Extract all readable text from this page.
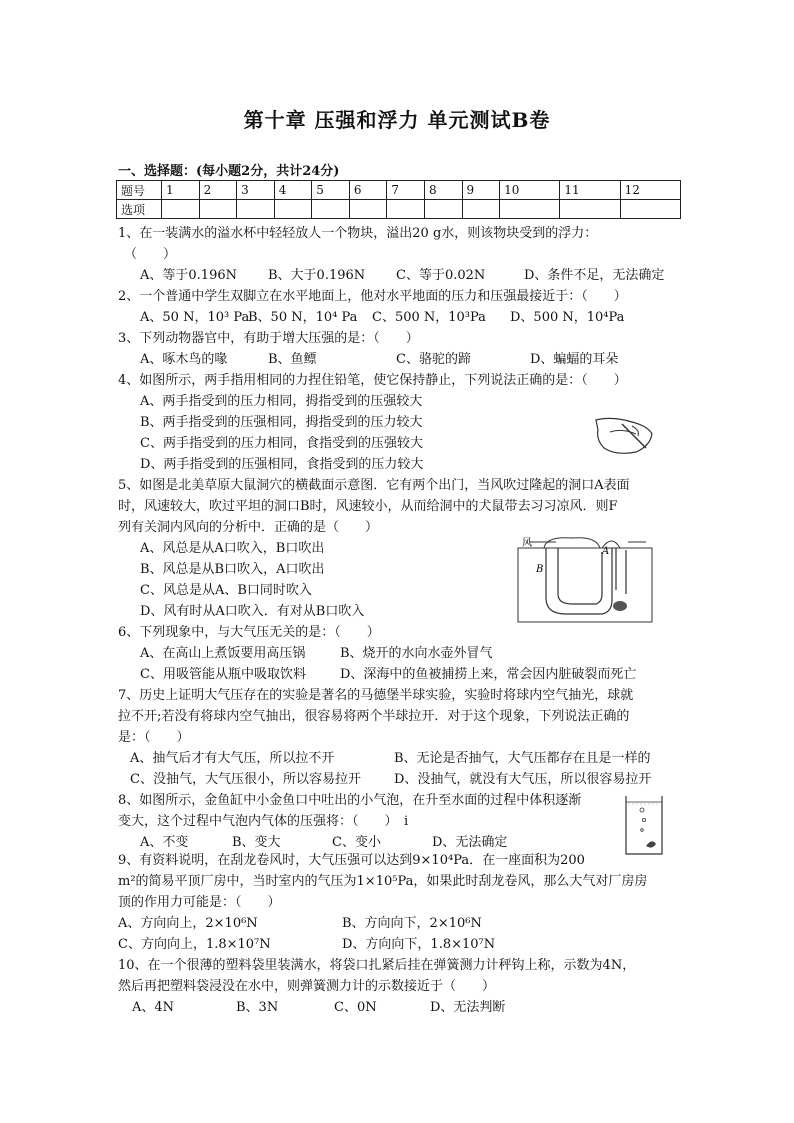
第十章 压强和浮力 单元测试B卷
一、选择题：(每小题2分，共计24分)
题号	1	2	3	4	5	6	7	8	9	10	11	12
选项												
1、在一装满水的溢水杯中轻轻放人一个物块，溢出20 g水，则该物块受到的浮力：
（　　）
A、等于0.196N	B、大于0.196N	C、等于0.02N	D、条件不足，无法确定
2、一个普通中学生双脚立在水平地面上，他对水平地面的压力和压强最接近于：（　　）
A、50 N，10³ Pa
B、50 N，10⁴ Pa	C、500 N，10³Pa	D、500 N，10⁴Pa
3、下列动物器官中，有助于增大压强的是：（　　）
A、啄木鸟的喙	B、鱼鳔	C、骆驼的蹄	D、蝙蝠的耳朵
4、如图所示，两手指用相同的力捏住铅笔，使它保持静止，下列说法正确的是：（　　）
A、两手指受到的压力相同，拇指受到的压强较大
B、两手指受到的压强相同，拇指受到的压力较大
C、两手指受到的压力相同，食指受到的压强较大
D、两手指受到的压强相同，食指受到的压力较大
5、如图是北美草原大鼠洞穴的横截面示意图．它有两个出门，当风吹过隆起的洞口A表面
时，风速较大，吹过平坦的洞口B时，风速较小，从而给洞中的犬鼠带去习习凉风．则F
列有关洞内风向的分析中．正确的是（　　）
A、风总是从A口吹入，B口吹出
B、风总是从B口吹入，A口吹出
C、风总是从A、B口同时吹入
D、风有时从A口吹入．有对从B口吹入
风
B
A
6、下列现象中，与大气压无关的是：（　　）
A、在高山上煮饭要用高压锅	B、烧开的水向水壶外冒气
C、用吸管能从瓶中吸取饮料	D、深海中的鱼被捕捞上来，常会因内脏破裂而死亡
7、历史上证明大气压存在的实验是著名的马德堡半球实验，实验时将球内空气抽光，球就
拉不开;若没有将球内空气抽出，很容易将两个半球拉开．对于这个现象，下列说法正确的
是：（　　）
A、抽气后才有大气压，所以拉不开	B、无论是否抽气，大气压都存在且是一样的
C、没抽气，大气压很小，所以容易拉开	D、没抽气，就没有大气压，所以很容易拉开
8、如图所示，金鱼缸中小金鱼口中吐出的小气泡，在升至水面的过程中体积逐渐
变大，这个过程中气泡内气体的压强将：（　　）　i
A、不变	B、变大	C、变小	D、无法确定
9、有资料说明，在刮龙卷风时，大气压强可以达到9×10⁴Pa．在一座面积为200
m²的简易平顶厂房中，当时室内的气压为1×10⁵Pa，如果此时刮龙卷风，那么大气对厂房房
顶的作用力可能是：（　　）
A、方向向上，2×10⁶N	B、方向向下，2×10⁶N
C、方向向上，1.8×10⁷N	D、方向向下，1.8×10⁷N
10、在一个很薄的塑料袋里装满水，将袋口扎紧后挂在弹簧测力计秤钩上称，示数为4N，
然后再把塑料袋浸没在水中，则弹簧测力计的示数接近于（　　）
A、4N	B、3N	C、0N	D、无法判断
